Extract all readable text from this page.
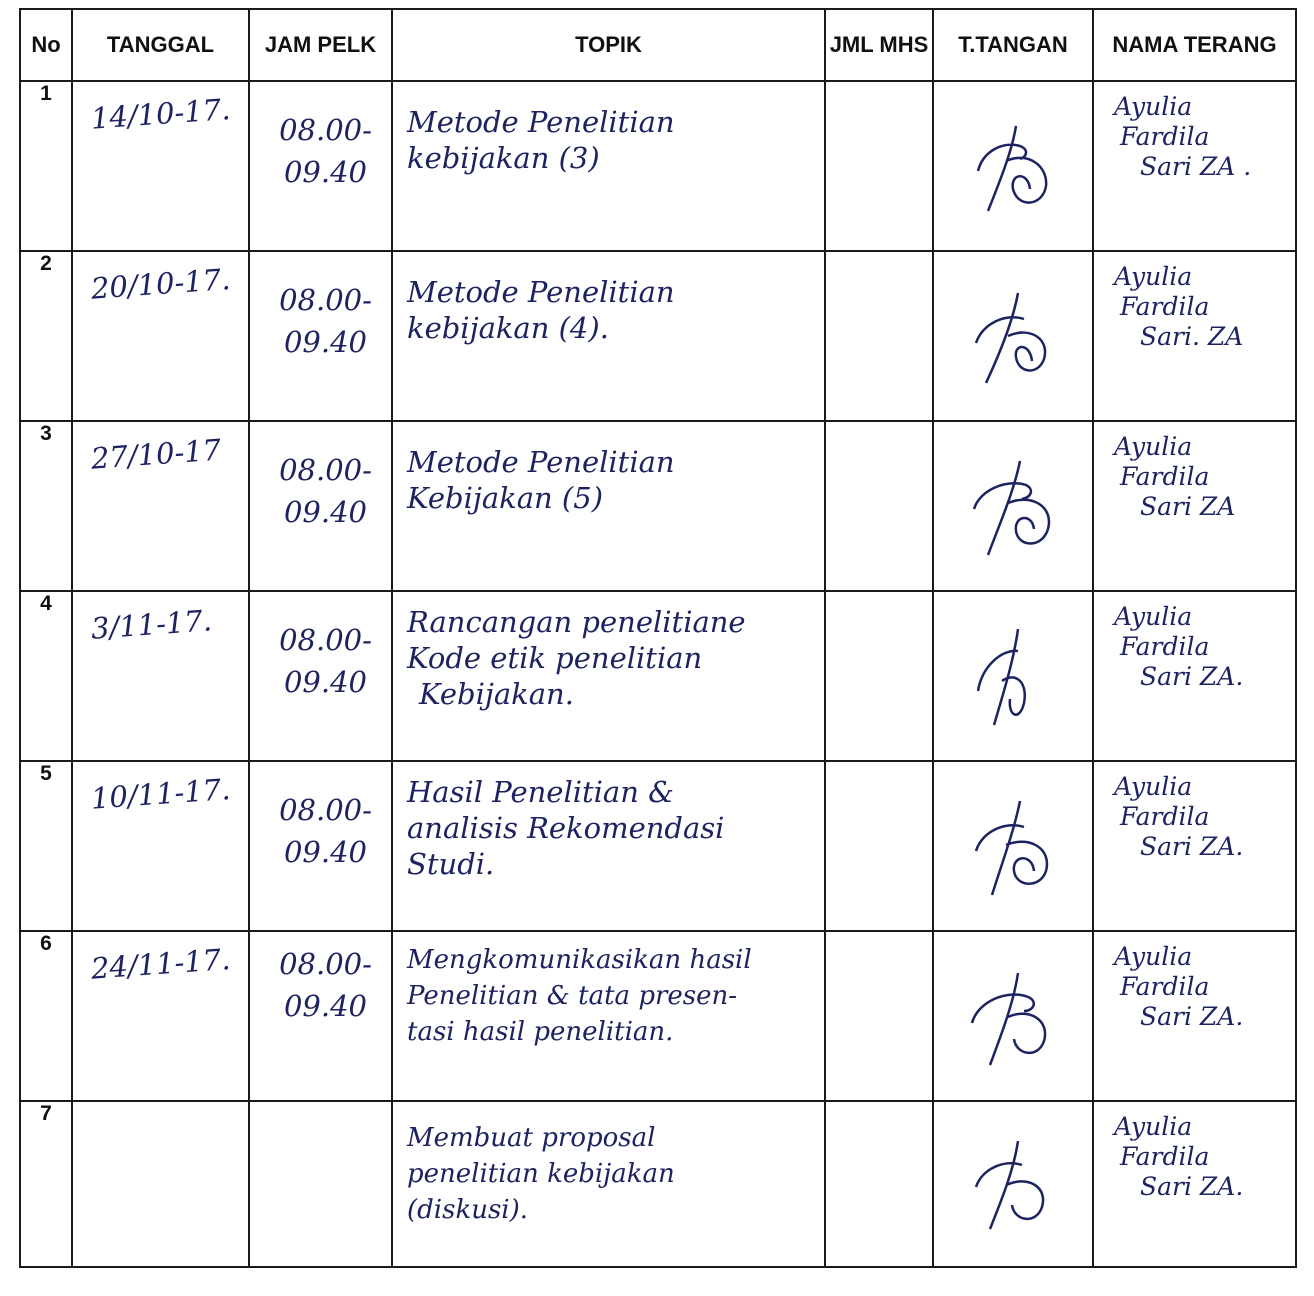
No	TANGGAL	JAM PELK	TOPIK	JML MHS	T.TANGAN	NAMA TERANG
1	14/10-17.	08.00-
09.40	Metode Penelitian
kebijakan (3)			Ayulia
Fardila
Sari ZA .

2	20/10-17.	08.00-
09.40	Metode Penelitian
kebijakan (4).			Ayulia
Fardila
Sari. ZA

3	27/10-17	08.00-
09.40	Metode Penelitian
Kebijakan (5)			Ayulia
Fardila
Sari ZA

4	3/11-17.	08.00-
09.40	Rancangan penelitiane
Kode etik penelitian
Kebijakan.			Ayulia
Fardila
Sari ZA.

5	10/11-17.	08.00-
09.40	Hasil Penelitian &
analisis Rekomendasi
Studi.			Ayulia
Fardila
Sari ZA.

6	24/11-17.	08.00-
09.40	Mengkomunikasikan hasil
Penelitian & tata presen-
tasi hasil penelitian.			Ayulia
Fardila
Sari ZA.

7			Membuat proposal
penelitian kebijakan
(diskusi).			Ayulia
Fardila
Sari ZA.
